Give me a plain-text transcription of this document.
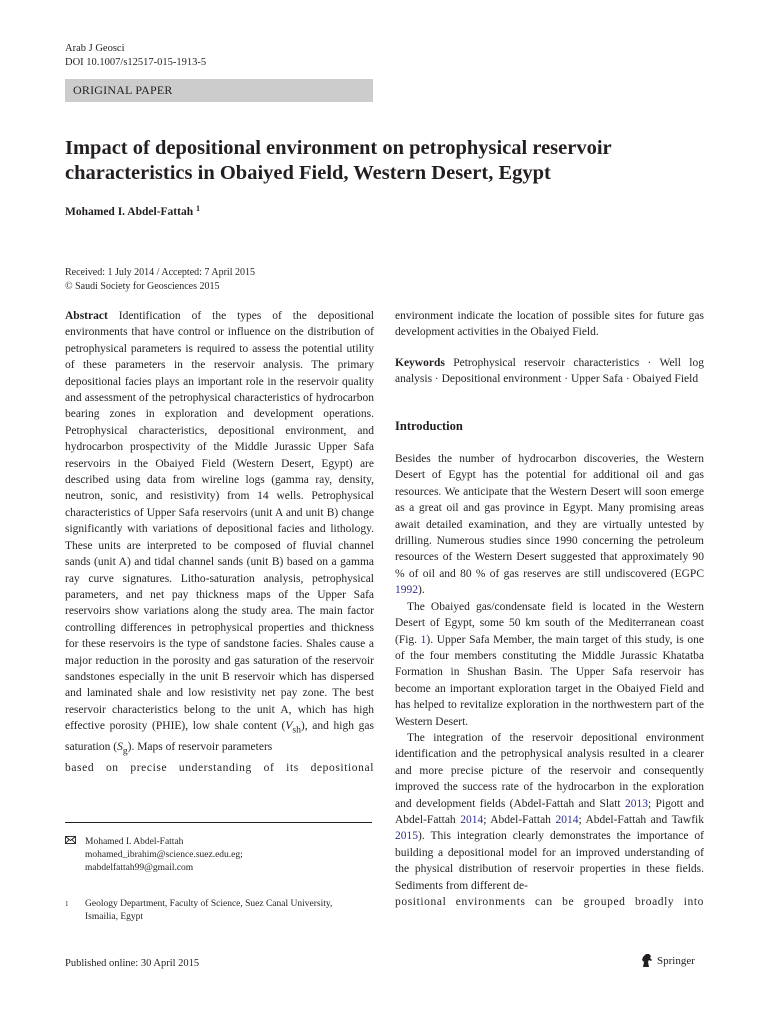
Arab J Geosci
DOI 10.1007/s12517-015-1913-5
ORIGINAL PAPER
Impact of depositional environment on petrophysical reservoir
characteristics in Obaiyed Field, Western Desert, Egypt
Mohamed I. Abdel-Fattah $^1$
Received: 1 July 2014 / Accepted: 7 April 2015
© Saudi Society for Geosciences 2015

Abstract Identification of the types of the depositional environments that have control or influence on the distribution of petrophysical parameters is required to assess the potential utility of these parameters in the reservoir analysis. The primary depositional facies plays an important role in the reservoir quality and assessment of the petrophysical characteristics of hydrocarbon bearing zones in exploration and development operations. Petrophysical characteristics, depositional environment, and hydrocarbon prospectivity of the Middle Jurassic Upper Safa reservoirs in the Obaiyed Field (Western Desert, Egypt) are described using data from wireline logs (gamma ray, density, neutron, sonic, and resistivity) from 14 wells. Petrophysical characteristics of Upper Safa reservoirs (unit A and unit B) change significantly with variations of depositional facies and lithology. These units are interpreted to be composed of fluvial channel sands (unit A) and tidal channel sands (unit B) based on a gamma ray curve signatures. Litho-saturation analysis, petrophysical parameters, and net pay thickness maps of the Upper Safa reservoirs show variations along the study area. The main factor controlling differences in petrophysical properties and thickness for these reservoirs is the type of sandstone facies. Shales cause a major reduction in the porosity and gas saturation of the reservoir sandstones especially in the unit B reservoir which has dispersed and laminated shale and low resistivity net pay zone. The best reservoir characteristics belong to the unit A, which has high effective porosity (PHIE), low shale content $(V_{sh})$, and high gas saturation $(S_g)$. Maps of reservoir parameters

based on precise understanding of its depositional

environment indicate the location of possible sites for future gas development activities in the Obaiyed Field.

Keywords Petrophysical reservoir characteristics · Well log analysis · Depositional environment · Upper Safa · Obaiyed Field

Introduction

Besides the number of hydrocarbon discoveries, the Western Desert of Egypt has the potential for additional oil and gas resources. We anticipate that the Western Desert will soon emerge as a great oil and gas province in Egypt. Many promising areas await detailed examination, and they are virtually untested by drilling. Numerous studies since 1990 concerning the petroleum resources of the Western Desert suggested that approximately 90 % of oil and 80 % of gas reserves are still undiscovered (EGPC 1992).

The Obaiyed gas/condensate field is located in the Western Desert of Egypt, some 50 km south of the Mediterranean coast (Fig. 1). Upper Safa Member, the main target of this study, is one of the four members constituting the Middle Jurassic Khatatba Formation in Shushan Basin. The Upper Safa reservoir has become an important exploration target in the Obaiyed Field and has helped to revitalize exploration in the northwestern part of the Western Desert.

The integration of the reservoir depositional environment identification and the petrophysical analysis resulted in a clearer and more precise picture of the reservoir and consequently improved the success rate of the hydrocarbon in the exploration and development fields (Abdel-Fattah and Slatt 2013; Pigott and Abdel-Fattah 2014; Abdel-Fattah 2014; Abdel-Fattah and Tawfik 2015). This integration clearly demonstrates the importance of building a depositional model for an improved understanding of the physical distribution of reservoir properties in these fields. Sediments from different de-

positional environments can be grouped broadly into

Mohamed I. Abdel-Fattah
mohamed_ibrahim@science.suez.edu.eg;
mabdelfattah99@gmail.com
1 Geology Department, Faculty of Science, Suez Canal University,
Ismailia, Egypt
Published online: 30 April 2015	Springer
